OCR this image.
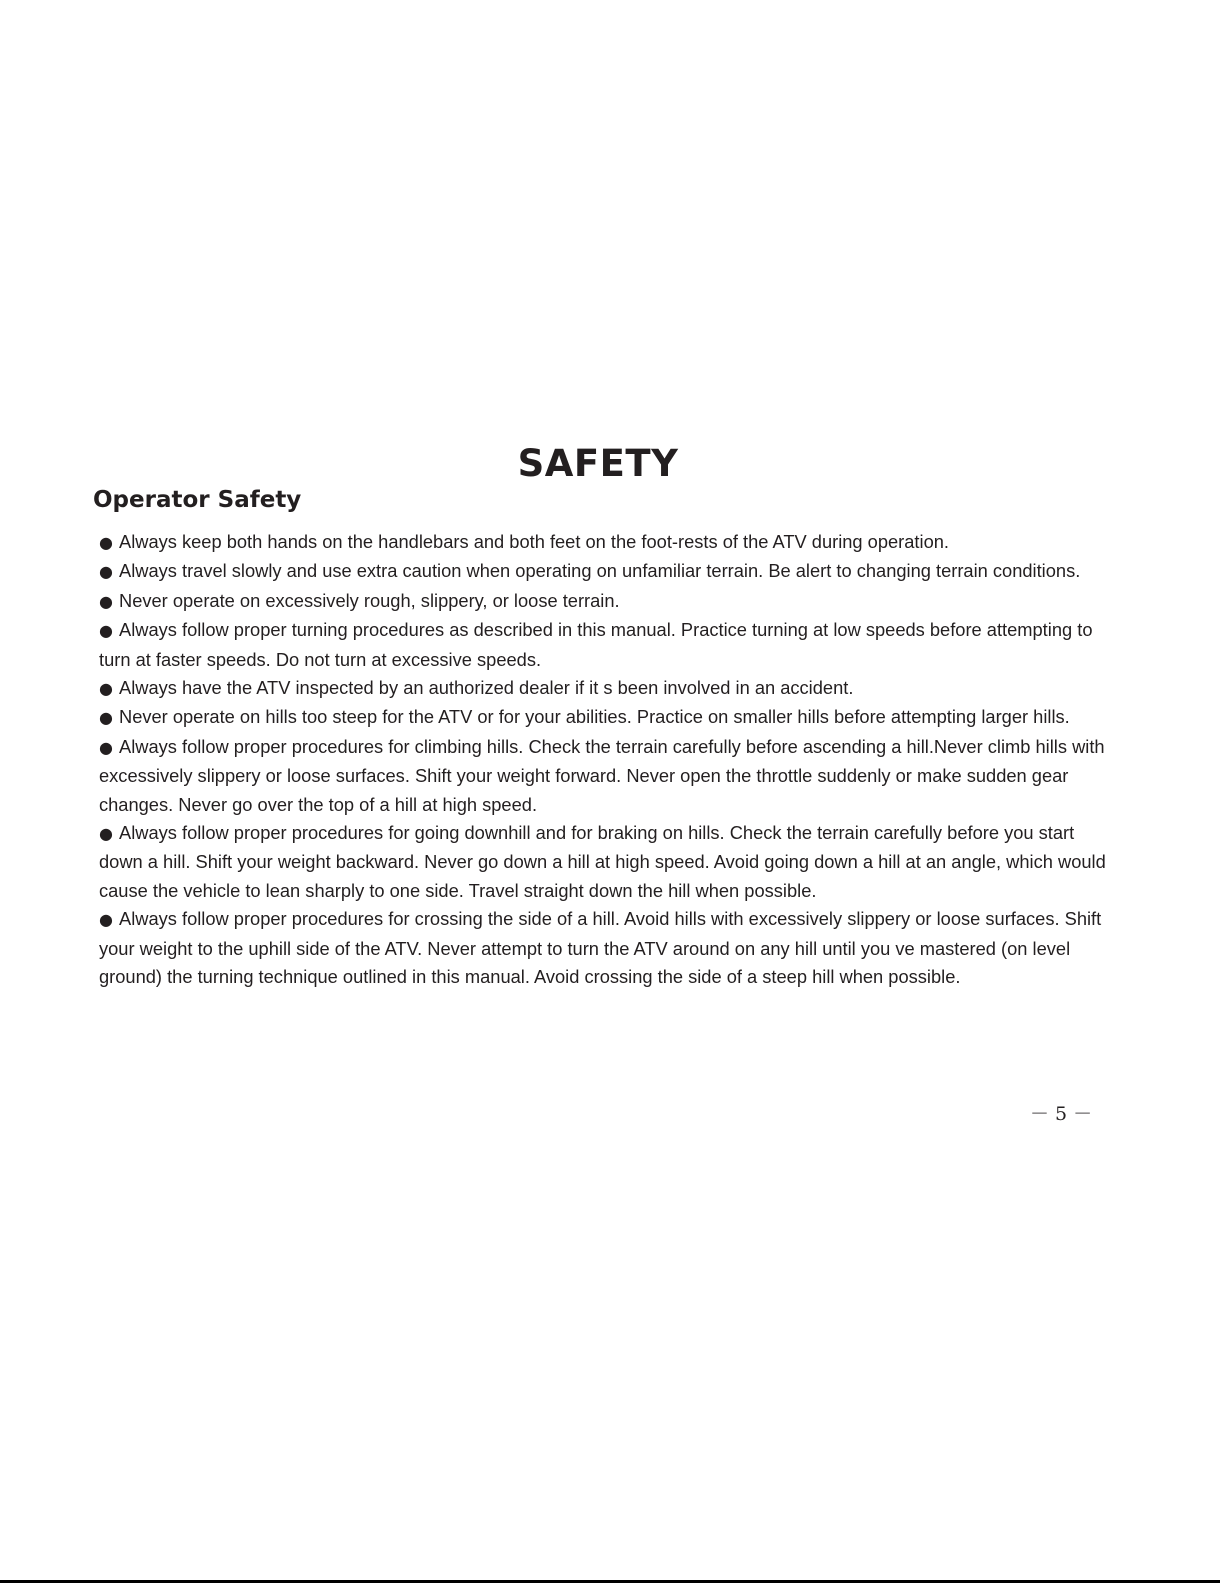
SAFETY
Operator Safety
● Always keep both hands on the handlebars and both feet on the foot-rests of the ATV during operation.
● Always travel slowly and use extra caution when operating on unfamiliar terrain. Be alert to changing terrain conditions.
● Never operate on excessively rough, slippery, or loose terrain.
● Always follow proper turning procedures as described in this manual. Practice turning at low speeds before attempting to turn at faster speeds. Do not turn at excessive speeds.
● Always have the ATV inspected by an authorized dealer if it s been involved in an accident.
● Never operate on hills too steep for the ATV or for your abilities. Practice on smaller hills before attempting larger hills.
● Always follow proper procedures for climbing hills. Check the terrain carefully before ascending a hill.Never climb hills with excessively slippery or loose surfaces. Shift your weight forward. Never open the throttle suddenly or make sudden gear changes. Never go over the top of a hill at high speed.
● Always follow proper procedures for going downhill and for braking on hills. Check the terrain carefully before you start down a hill. Shift your weight backward. Never go down a hill at high speed. Avoid going down a hill at an angle, which would cause the vehicle to lean sharply to one side. Travel straight down the hill when possible.
● Always follow proper procedures for crossing the side of a hill. Avoid hills with excessively slippery or loose surfaces. Shift your weight to the uphill side of the ATV. Never attempt to turn the ATV around on any hill until you ve mastered (on level ground) the turning technique outlined in this manual. Avoid crossing the side of a steep hill when possible.
－ 5 －
